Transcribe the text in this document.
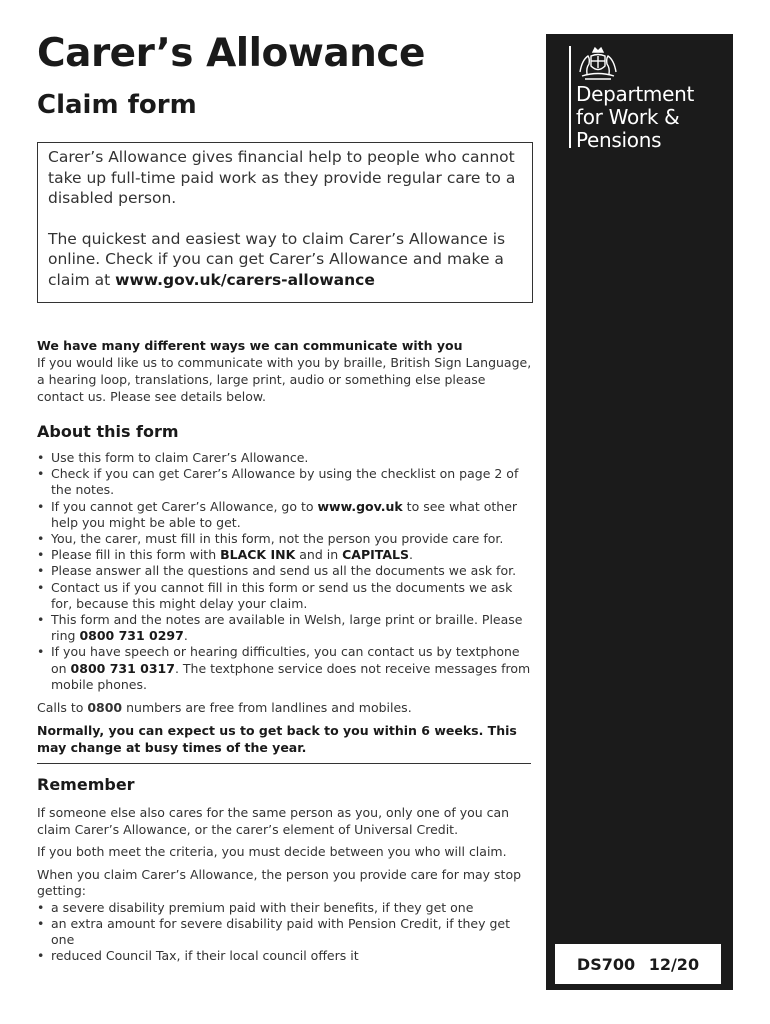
Carer’s Allowance
Claim form

Carer’s Allowance gives financial help to people who cannot take up full-time paid work as they provide regular care to a disabled person.

The quickest and easiest way to claim Carer’s Allowance is online. Check if you can get Carer’s Allowance and make a claim at www.gov.uk/carers-allowance

We have many different ways we can communicate with you
If you would like us to communicate with you by braille, British Sign Language, a hearing loop, translations, large print, audio or something else please contact us. Please see details below.
About this form
• Use this form to claim Carer’s Allowance.
• Check if you can get Carer’s Allowance by using the checklist on page 2 of the notes.
• If you cannot get Carer’s Allowance, go to www.gov.uk to see what other help you might be able to get.
• You, the carer, must fill in this form, not the person you provide care for.
• Please fill in this form with BLACK INK and in CAPITALS.
• Please answer all the questions and send us all the documents we ask for.
• Contact us if you cannot fill in this form or send us the documents we ask for, because this might delay your claim.
• This form and the notes are available in Welsh, large print or braille. Please ring 0800 731 0297.
• If you have speech or hearing difficulties, you can contact us by textphone on 0800 731 0317. The textphone service does not receive messages from mobile phones.
Calls to 0800 numbers are free from landlines and mobiles.
Normally, you can expect us to get back to you within 6 weeks. This may change at busy times of the year.
Remember
If someone else also cares for the same person as you, only one of you can claim Carer’s Allowance, or the carer’s element of Universal Credit.
If you both meet the criteria, you must decide between you who will claim.
When you claim Carer’s Allowance, the person you provide care for may stop getting:
• a severe disability premium paid with their benefits, if they get one
• an extra amount for severe disability paid with Pension Credit, if they get one
• reduced Council Tax, if their local council offers it
Department
for Work &
Pensions
DS700 12/20
